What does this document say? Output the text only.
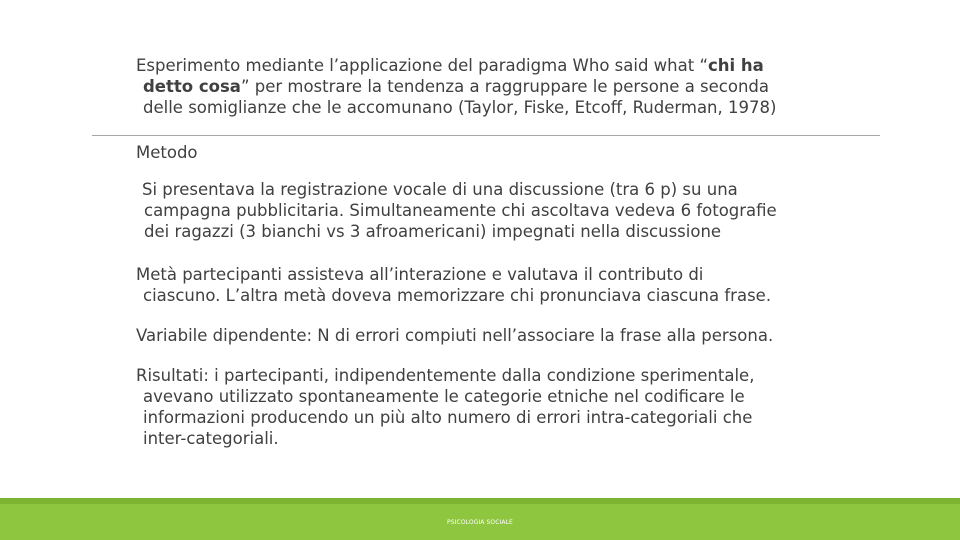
Esperimento mediante l’applicazione del paradigma Who said what “chi ha
detto cosa” per mostrare la tendenza a raggruppare le persone a seconda
delle somiglianze che le accomunano (Taylor, Fiske, Etcoff, Ruderman, 1978)

Metodo

Si presentava la registrazione vocale di una discussione (tra 6 p) su una
campagna pubblicitaria. Simultaneamente chi ascoltava vedeva 6 fotografie
dei ragazzi (3 bianchi vs 3 afroamericani) impegnati nella discussione

Metà partecipanti assisteva all’interazione e valutava il contributo di
ciascuno. L’altra metà doveva memorizzare chi pronunciava ciascuna frase.

Variabile dipendente: N di errori compiuti nell’associare la frase alla persona.

Risultati: i partecipanti, indipendentemente dalla condizione sperimentale,
avevano utilizzato spontaneamente le categorie etniche nel codificare le
informazioni producendo un più alto numero di errori intra-categoriali che
inter-categoriali.

PSICOLOGIA SOCIALE
